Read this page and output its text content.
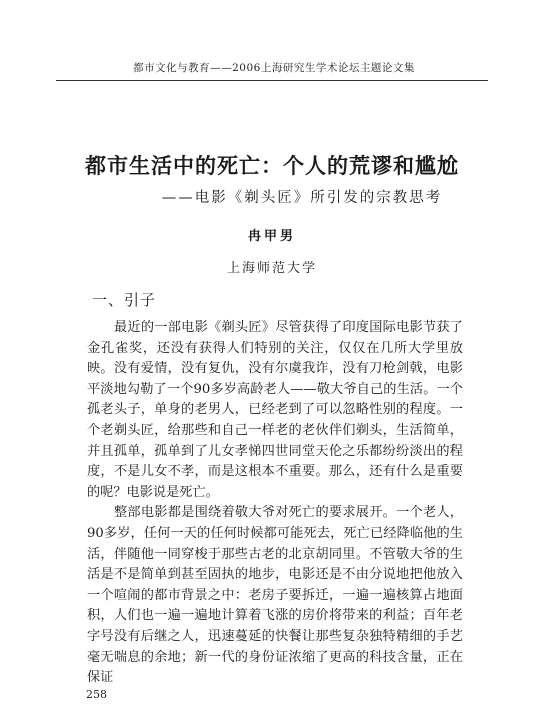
都市文化与教育——2006上海研究生学术论坛主题论文集
都市生活中的死亡：个人的荒谬和尴尬
——电影《剃头匠》所引发的宗教思考
冉甲男
上海师范大学
一、引子

最近的一部电影《剃头匠》尽管获得了印度国际电影节获了金孔雀奖，还没有获得人们特别的关注，仅仅在几所大学里放映。没有爱情，没有复仇，没有尔虞我诈，没有刀枪剑戟，电影平淡地勾勒了一个90多岁高龄老人——敬大爷自己的生活。一个孤老头子，单身的老男人，已经老到了可以忽略性别的程度。一个老剃头匠，给那些和自己一样老的老伙伴们剃头，生活简单，并且孤单，孤单到了儿女孝悌四世同堂天伦之乐都纷纷淡出的程度，不是儿女不孝，而是这根本不重要。那么，还有什么是重要的呢？电影说是死亡。

整部电影都是围绕着敬大爷对死亡的要求展开。一个老人，90多岁，任何一天的任何时候都可能死去，死亡已经降临他的生活，伴随他一同穿梭于那些古老的北京胡同里。不管敬大爷的生活是不是简单到甚至固执的地步，电影还是不由分说地把他放入一个喧闹的都市背景之中：老房子要拆迁，一遍一遍核算占地面积，人们也一遍一遍地计算着飞涨的房价将带来的利益；百年老字号没有后继之人，迅速蔓延的快餐让那些复杂独特精细的手艺毫无喘息的余地；新一代的身份证浓缩了更高的科技含量，正在保证

258
